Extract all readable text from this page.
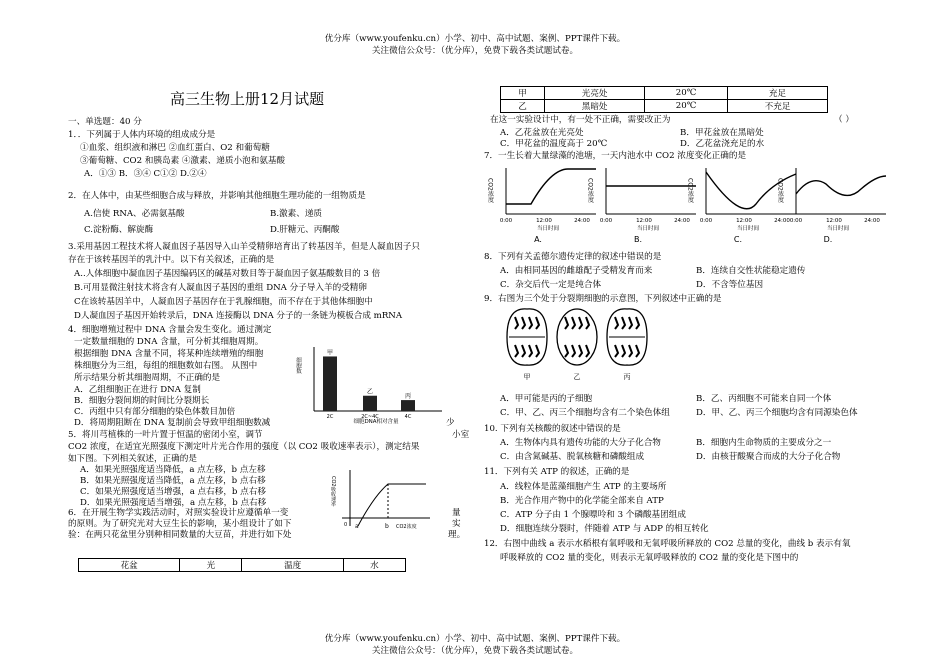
优分库（www.youfenku.cn）小学、初中、高中试题、案例、PPT课件下载。
关注微信公众号：（优分库），免费下载各类试题试卷。
优分库（www.youfenku.cn）小学、初中、高中试题、案例、PPT课件下载。
关注微信公众号：（优分库），免费下载各类试题试卷。
高三生物上册12月试题
一、单选题：40 分
1．．下列属于人体内环境的组成成分是
①血浆、组织液和淋巴 ②血红蛋白、O2 和葡萄糖
③葡萄糖、CO2 和胰岛素 ④激素、递质小泡和氨基酸
A．①③ B．③④ C①② D.②④
2．在人体中，由某些细胞合成与释放，并影响其他细胞生理功能的一组物质是
A.信使 RNA、必需氨基酸	B.激素、递质
C.淀粉酶、解旋酶	D.肝糖元、丙酮酸
3.采用基因工程技术将人凝血因子基因导入山羊受精卵培育出了转基因羊，但是人凝血因子只
存在于该转基因羊的乳汁中。以下有关叙述，正确的是
A..人体细胞中凝血因子基因编码区的碱基对数目等于凝血因子氨基酸数目的 3 倍
B.可用显微注射技术将含有人凝血因子基因的重组 DNA 分子导入羊的受精卵
C在该转基因羊中，人凝血因子基因存在于乳腺细胞，而不存在于其他体细胞中
D人凝血因子基因开始转录后，DNA 连接酶以 DNA 分子的一条链为模板合成 mRNA
4．细胞增殖过程中 DNA 含量会发生变化。通过测定
一定数量细胞的 DNA 含量，可分析其细胞周期。
根据细胞 DNA 含量不同，将某种连续增殖的细胞
株细胞分为三组，每组的细胞数如右图。 从图中
所示结果分析其细胞周期，不正确的是
A．乙组细胞正在进行 DNA 复制
B．细胞分裂间期的时间比分裂期长
C．丙组中只有部分细胞的染色体数目加倍
D．将周期阻断在 DNA 复制前会导致甲组细胞数减	少
细胞数
甲
2C
乙
2C~4C
丙
4C
细胞DNA相对含量
5．将川芎植株的一叶片置于恒温的密闭小室，调节	小室
CO2 浓度，在适宜光照强度下测定叶片光合作用的强度（以 CO2 吸收速率表示），测定结果
如下图。下列相关叙述，正确的是
A．如果光照强度适当降低，a 点左移，b 点左移
B．如果光照强度适当降低，a 点左移，b 点右移
C．如果光照强度适当增强，a 点右移，b 点右移
D．如果光照强度适当增强，a 点左移，b 点右移	CO2吸收速率
0 a	b CO2浓度
6．在开展生物学实践活动时，对照实验设计应遵循单一变	量
的原则。为了研究光对大豆生长的影响，某小组设计了如下	实
验：在两只花盆里分别种相同数量的大豆苗，并进行如下处	理。
花盆	光	温度	水
甲	光亮处	20℃	充足
乙	黑暗处	20℃	不充足
在这一实验设计中，有一处不正确，需要改正为	（ ）
A．乙花盆放在光亮处	B．甲花盆放在黑暗处
C．甲花盆的温度高于 20℃	D．乙花盆浇充足的水
7．一生长着大量绿藻的池塘，一天内池水中 CO2 浓度变化正确的是
CO2浓度
0:00	12:00	24:00
当日时间
A.
CO2浓度
0:00	12:00	24:00
当日时间
B.
CO2浓度
0:00	12:00	24:00
当日时间
C.
CO2浓度
0:00	12:00	24:00
当日时间
D.
8．下列有关孟德尔遗传定律的叙述中错误的是
A．由相同基因的雌雄配子受精发育而来	B．连续自交性状能稳定遗传
C．杂交后代一定是纯合体	D．不含等位基因
9．右图为三个处于分裂期细胞的示意图，下列叙述中正确的是
甲	乙	丙
A．甲可能是丙的子细胞	B．乙、丙细胞不可能来自同一个体
C．甲、乙、丙三个细胞均含有二个染色体组	D．甲、乙、丙三个细胞均含有同源染色体
10. 下列有关核酸的叙述中错误的是
A．生物体内具有遗传功能的大分子化合物	B．细胞内生命物质的主要成分之一
C．由含氮碱基、脱氧核糖和磷酸组成	D．由核苷酸聚合而成的大分子化合物
11．下列有关 ATP 的叙述，正确的是
A．线粒体是蓝藻细胞产生 ATP 的主要场所
B．光合作用产物中的化学能全部来自 ATP
C．ATP 分子由 1 个腺嘌呤和 3 个磷酸基团组成
D．细胞连续分裂时，伴随着 ATP 与 ADP 的相互转化
12．右图中曲线 a 表示水稻根有氧呼吸和无氧呼吸所释放的 CO2 总量的变化，曲线 b 表示有氧
呼吸释放的 CO2 量的变化，则表示无氧呼吸释放的 CO2 量的变化是下图中的
